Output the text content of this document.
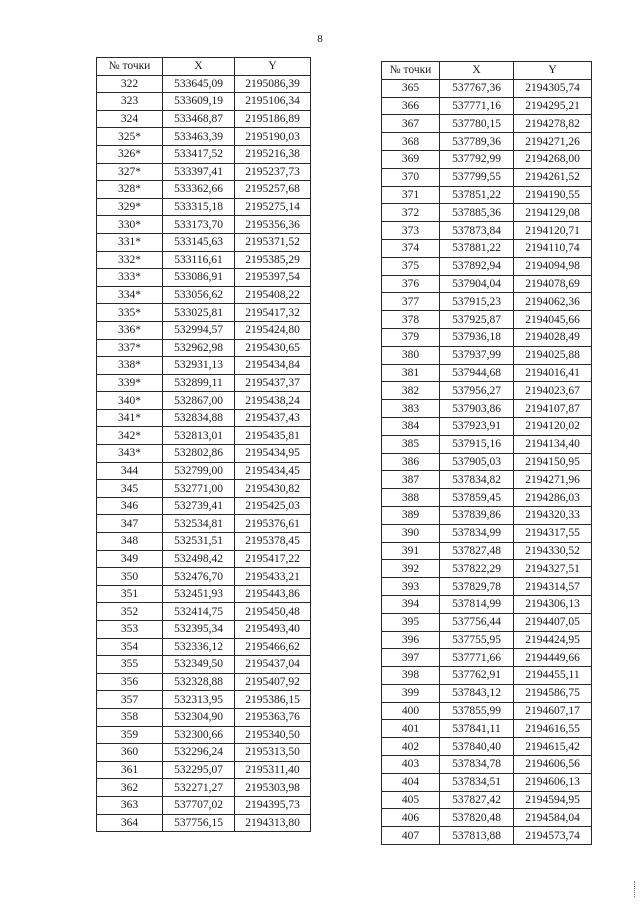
8
№ точки	X	Y
322	533645,09	2195086,39
323	533609,19	2195106,34
324	533468,87	2195186,89
325*	533463,39	2195190,03
326*	533417,52	2195216,38
327*	533397,41	2195237,73
328*	533362,66	2195257,68
329*	533315,18	2195275,14
330*	533173,70	2195356,36
331*	533145,63	2195371,52
332*	533116,61	2195385,29
333*	533086,91	2195397,54
334*	533056,62	2195408,22
335*	533025,81	2195417,32
336*	532994,57	2195424,80
337*	532962,98	2195430,65
338*	532931,13	2195434,84
339*	532899,11	2195437,37
340*	532867,00	2195438,24
341*	532834,88	2195437,43
342*	532813,01	2195435,81
343*	532802,86	2195434,95
344	532799,00	2195434,45
345	532771,00	2195430,82
346	532739,41	2195425,03
347	532534,81	2195376,61
348	532531,51	2195378,45
349	532498,42	2195417,22
350	532476,70	2195433,21
351	532451,93	2195443,86
352	532414,75	2195450,48
353	532395,34	2195493,40
354	532336,12	2195466,62
355	532349,50	2195437,04
356	532328,88	2195407,92
357	532313,95	2195386,15
358	532304,90	2195363,76
359	532300,66	2195340,50
360	532296,24	2195313,50
361	532295,07	2195311,40
362	532271,27	2195303,98
363	537707,02	2194395,73
364	537756,15	2194313,80
№ точки	X	Y
365	537767,36	2194305,74
366	537771,16	2194295,21
367	537780,15	2194278,82
368	537789,36	2194271,26
369	537792,99	2194268,00
370	537799,55	2194261,52
371	537851,22	2194190,55
372	537885,36	2194129,08
373	537873,84	2194120,71
374	537881,22	2194110,74
375	537892,94	2194094,98
376	537904,04	2194078,69
377	537915,23	2194062,36
378	537925,87	2194045,66
379	537936,18	2194028,49
380	537937,99	2194025,88
381	537944,68	2194016,41
382	537956,27	2194023,67
383	537903,86	2194107,87
384	537923,91	2194120,02
385	537915,16	2194134,40
386	537905,03	2194150,95
387	537834,82	2194271,96
388	537859,45	2194286,03
389	537839,86	2194320,33
390	537834,99	2194317,55
391	537827,48	2194330,52
392	537822,29	2194327,51
393	537829,78	2194314,57
394	537814,99	2194306,13
395	537756,44	2194407,05
396	537755,95	2194424,95
397	537771,66	2194449,66
398	537762,91	2194455,11
399	537843,12	2194586,75
400	537855,99	2194607,17
401	537841,11	2194616,55
402	537840,40	2194615,42
403	537834,78	2194606,56
404	537834,51	2194606,13
405	537827,42	2194594,95
406	537820,48	2194584,04
407	537813,88	2194573,74
